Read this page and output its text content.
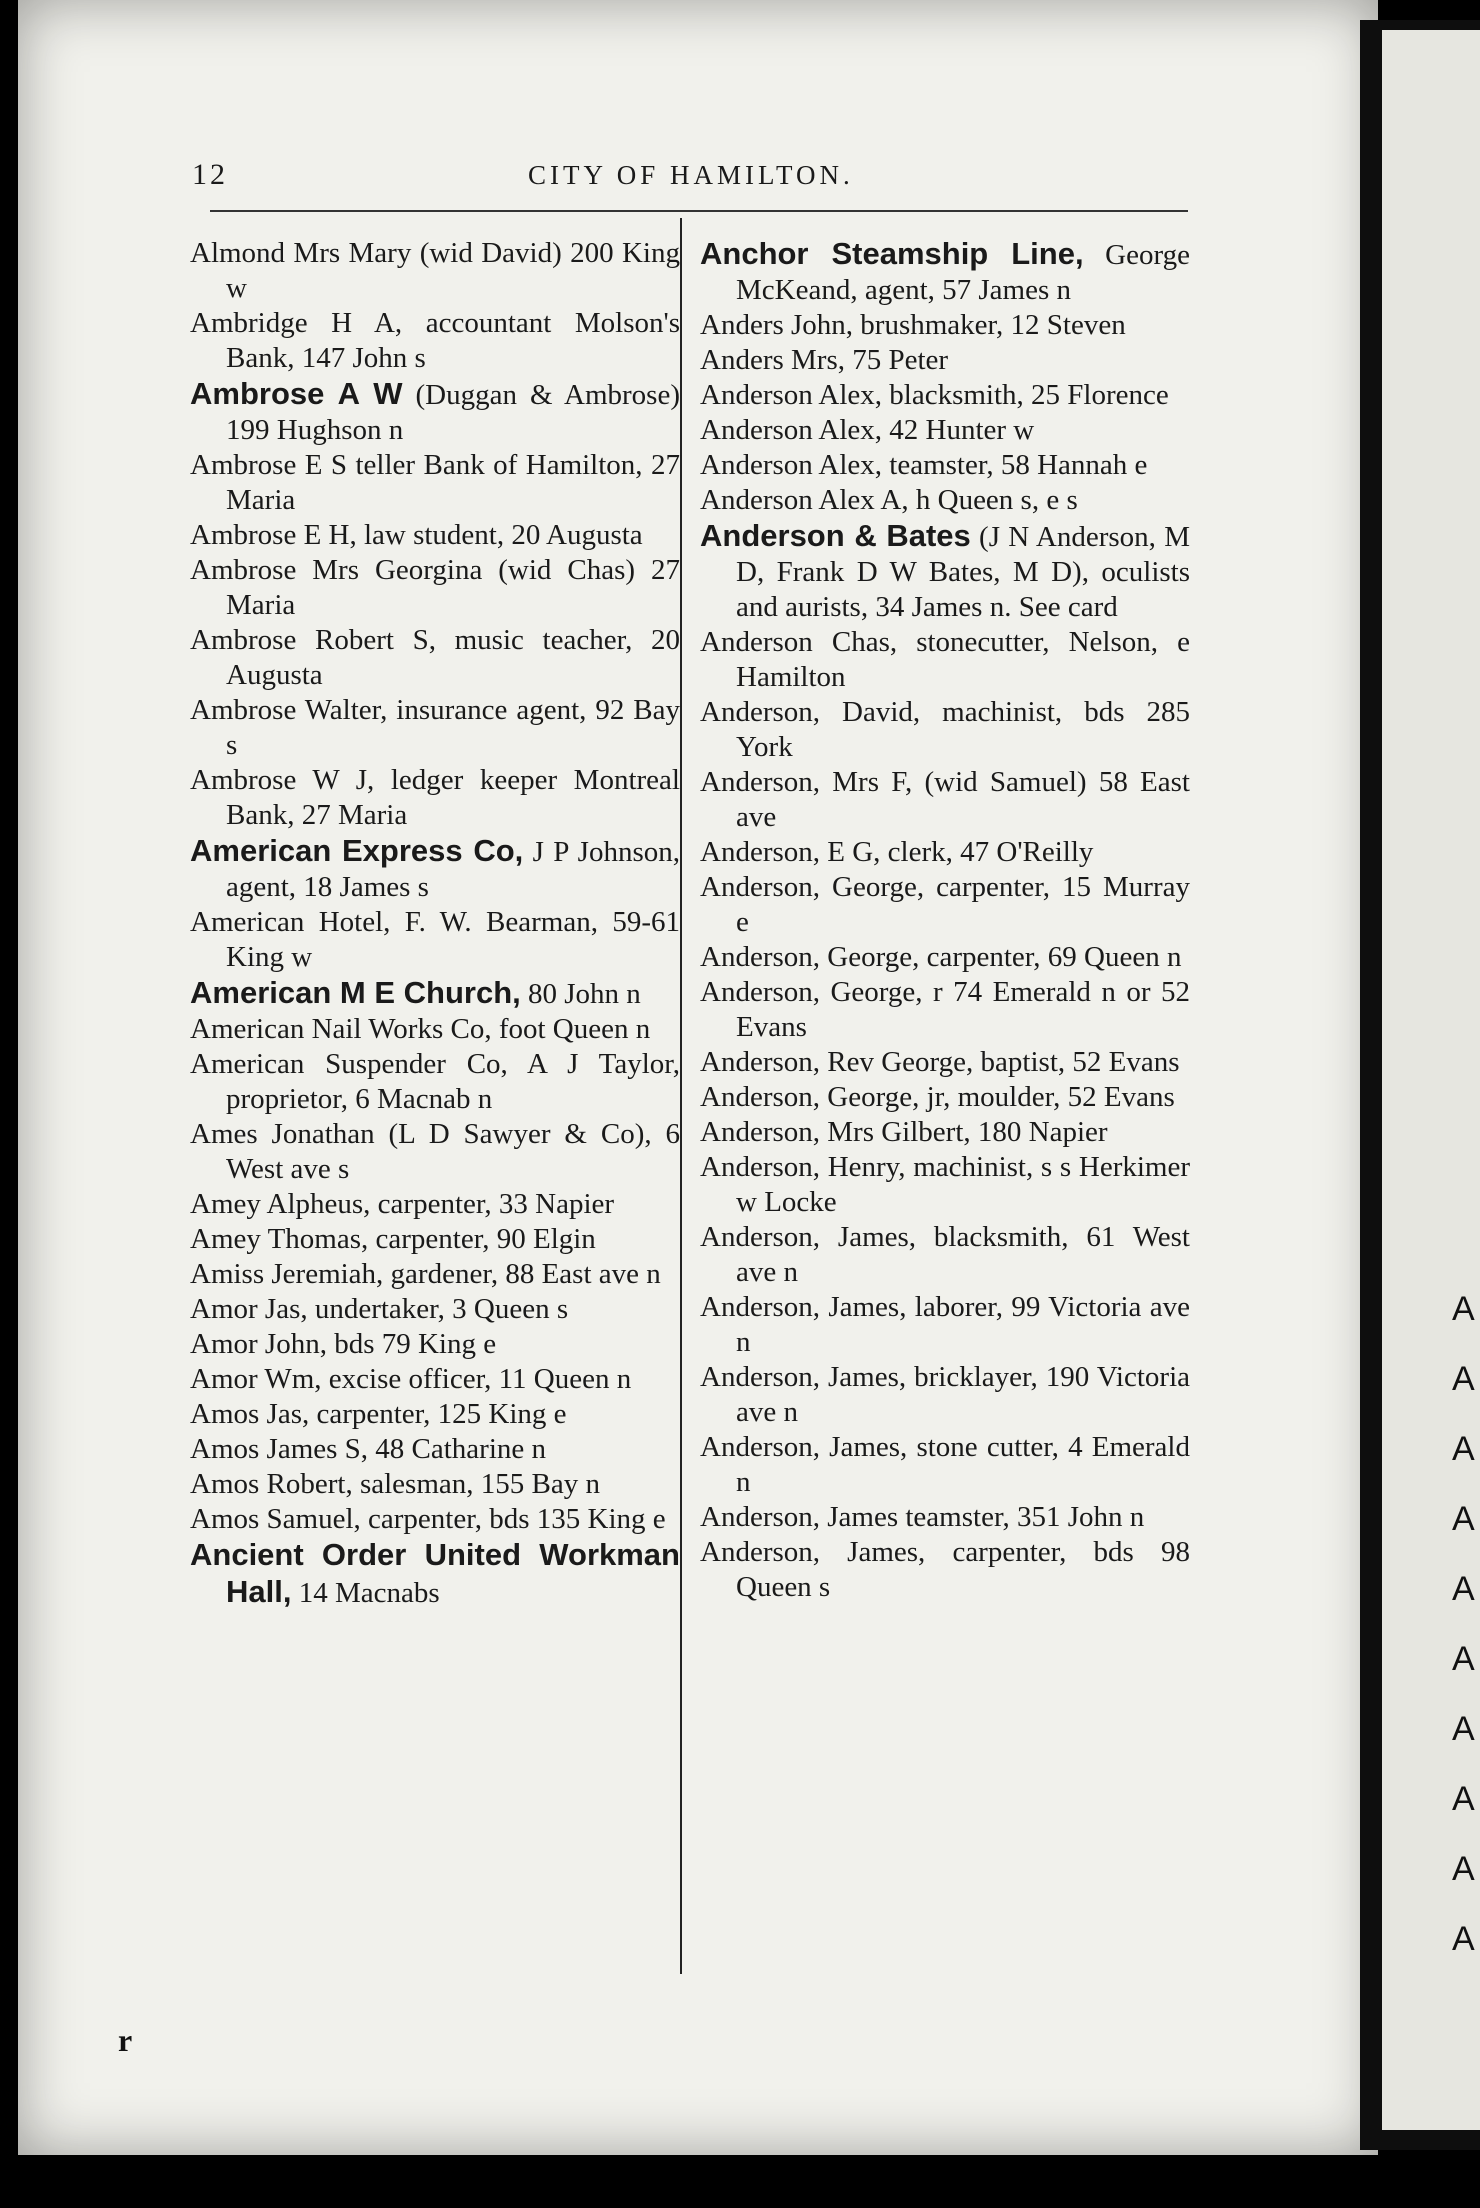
A
A
A
A
A
A
A
A
A
A
12	CITY OF HAMILTON.
Almond Mrs Mary (wid David) 200 King w
Ambridge H A, accountant Molson's Bank, 147 John s
Ambrose A W (Duggan & Ambrose) 199 Hughson n
Ambrose E S teller Bank of Hamilton, 27 Maria
Ambrose E H, law student, 20 Augusta
Ambrose Mrs Georgina (wid Chas) 27 Maria
Ambrose Robert S, music teacher, 20 Augusta
Ambrose Walter, insurance agent, 92 Bay s
Ambrose W J, ledger keeper Montreal Bank, 27 Maria
American Express Co, J P Johnson, agent, 18 James s
American Hotel, F. W. Bearman, 59-61 King w
American M E Church, 80 John n
American Nail Works Co, foot Queen n
American Suspender Co, A J Taylor, proprietor, 6 Macnab n
Ames Jonathan (L D Sawyer & Co), 6 West ave s
Amey Alpheus, carpenter, 33 Napier
Amey Thomas, carpenter, 90 Elgin
Amiss Jeremiah, gardener, 88 East ave n
Amor Jas, undertaker, 3 Queen s
Amor John, bds 79 King e
Amor Wm, excise officer, 11 Queen n
Amos Jas, carpenter, 125 King e
Amos James S, 48 Catharine n
Amos Robert, salesman, 155 Bay n
Amos Samuel, carpenter, bds 135 King e
Ancient Order United Workman Hall, 14 Macnabs
Anchor Steamship Line, George McKeand, agent, 57 James n
Anders John, brushmaker, 12 Steven
Anders Mrs, 75 Peter
Anderson Alex, blacksmith, 25 Florence
Anderson Alex, 42 Hunter w
Anderson Alex, teamster, 58 Hannah e
Anderson Alex A, h Queen s, e s
Anderson & Bates (J N Anderson, M D, Frank D W Bates, M D), oculists and aurists, 34 James n. See card
Anderson Chas, stonecutter, Nelson, e Hamilton
Anderson, David, machinist, bds 285 York
Anderson, Mrs F, (wid Samuel) 58 East ave
Anderson, E G, clerk, 47 O'Reilly
Anderson, George, carpenter, 15 Murray e
Anderson, George, carpenter, 69 Queen n
Anderson, George, r 74 Emerald n or 52 Evans
Anderson, Rev George, baptist, 52 Evans
Anderson, George, jr, moulder, 52 Evans
Anderson, Mrs Gilbert, 180 Napier
Anderson, Henry, machinist, s s Herkimer w Locke
Anderson, James, blacksmith, 61 West ave n
Anderson, James, laborer, 99 Victoria ave n
Anderson, James, bricklayer, 190 Victoria ave n
Anderson, James, stone cutter, 4 Emerald n
Anderson, James teamster, 351 John n
Anderson, James, carpenter, bds 98 Queen s
r
